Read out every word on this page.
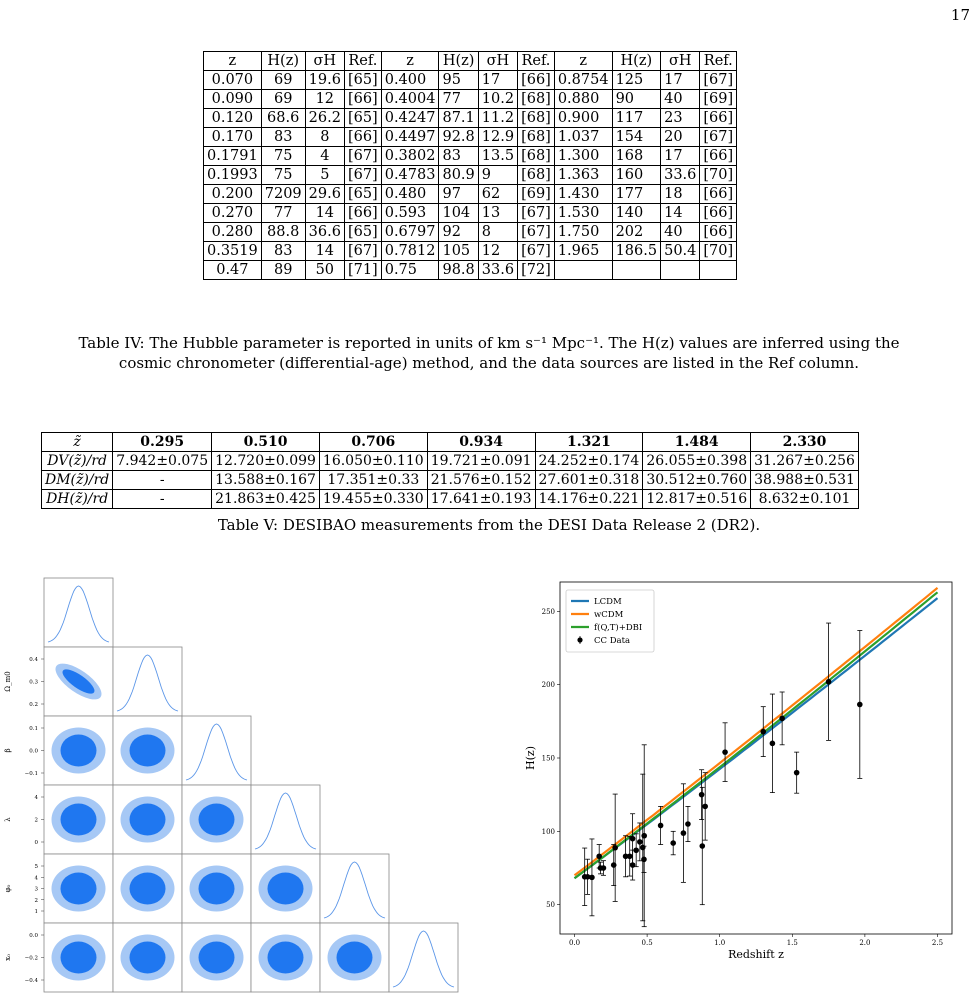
17
z	H(z)	σH	Ref.	z	H(z)	σH	Ref.	z	H(z)	σH	Ref.
0.070	69	19.6	[65]	0.400	95	17	[66]	0.8754	125	17	[67]
0.090	69	12	[66]	0.4004	77	10.2	[68]	0.880	90	40	[69]
0.120	68.6	26.2	[65]	0.4247	87.1	11.2	[68]	0.900	117	23	[66]
0.170	83	8	[66]	0.4497	92.8	12.9	[68]	1.037	154	20	[67]
0.1791	75	4	[67]	0.3802	83	13.5	[68]	1.300	168	17	[66]
0.1993	75	5	[67]	0.4783	80.9	9	[68]	1.363	160	33.6	[70]
0.200	7209	29.6	[65]	0.480	97	62	[69]	1.430	177	18	[66]
0.270	77	14	[66]	0.593	104	13	[67]	1.530	140	14	[66]
0.280	88.8	36.6	[65]	0.6797	92	8	[67]	1.750	202	40	[66]
0.3519	83	14	[67]	0.7812	105	12	[67]	1.965	186.5	50.4	[70]
0.47	89	50	[71]	0.75	98.8	33.6	[72]				
Table IV: The Hubble parameter is reported in units of km s⁻¹ Mpc⁻¹. The H(z) values are inferred using the
cosmic chronometer (differential-age) method, and the data sources are listed in the Ref column.
z̃	0.295	0.510	0.706	0.934	1.321	1.484	2.330
DV(z̃)/rd	7.942±0.075	12.720±0.099	16.050±0.110	19.721±0.091	24.252±0.174	26.055±0.398	31.267±0.256
DM(z̃)/rd	-	13.588±0.167	17.351±0.33	21.576±0.152	27.601±0.318	30.512±0.760	38.988±0.531
DH(z̃)/rd	-	21.863±0.425	19.455±0.330	17.641±0.193	14.176±0.221	12.817±0.516	8.632±0.101
Table V: DESIBAO measurements from the DESI Data Release 2 (DR2).
Ω_m0
0.4
0.3
0.2
β
0.1
0.0
−0.1
λ
4
2
0
φ₀
5
4
3
2
1
x₀
0.0
−0.2
−0.4
0.0	0.5	1.0	1.5	2.0	2.5
50
100
150
200
250
Redshift z
H(z)
LCDM
wCDM
f(Q,T)+DBI
CC Data
